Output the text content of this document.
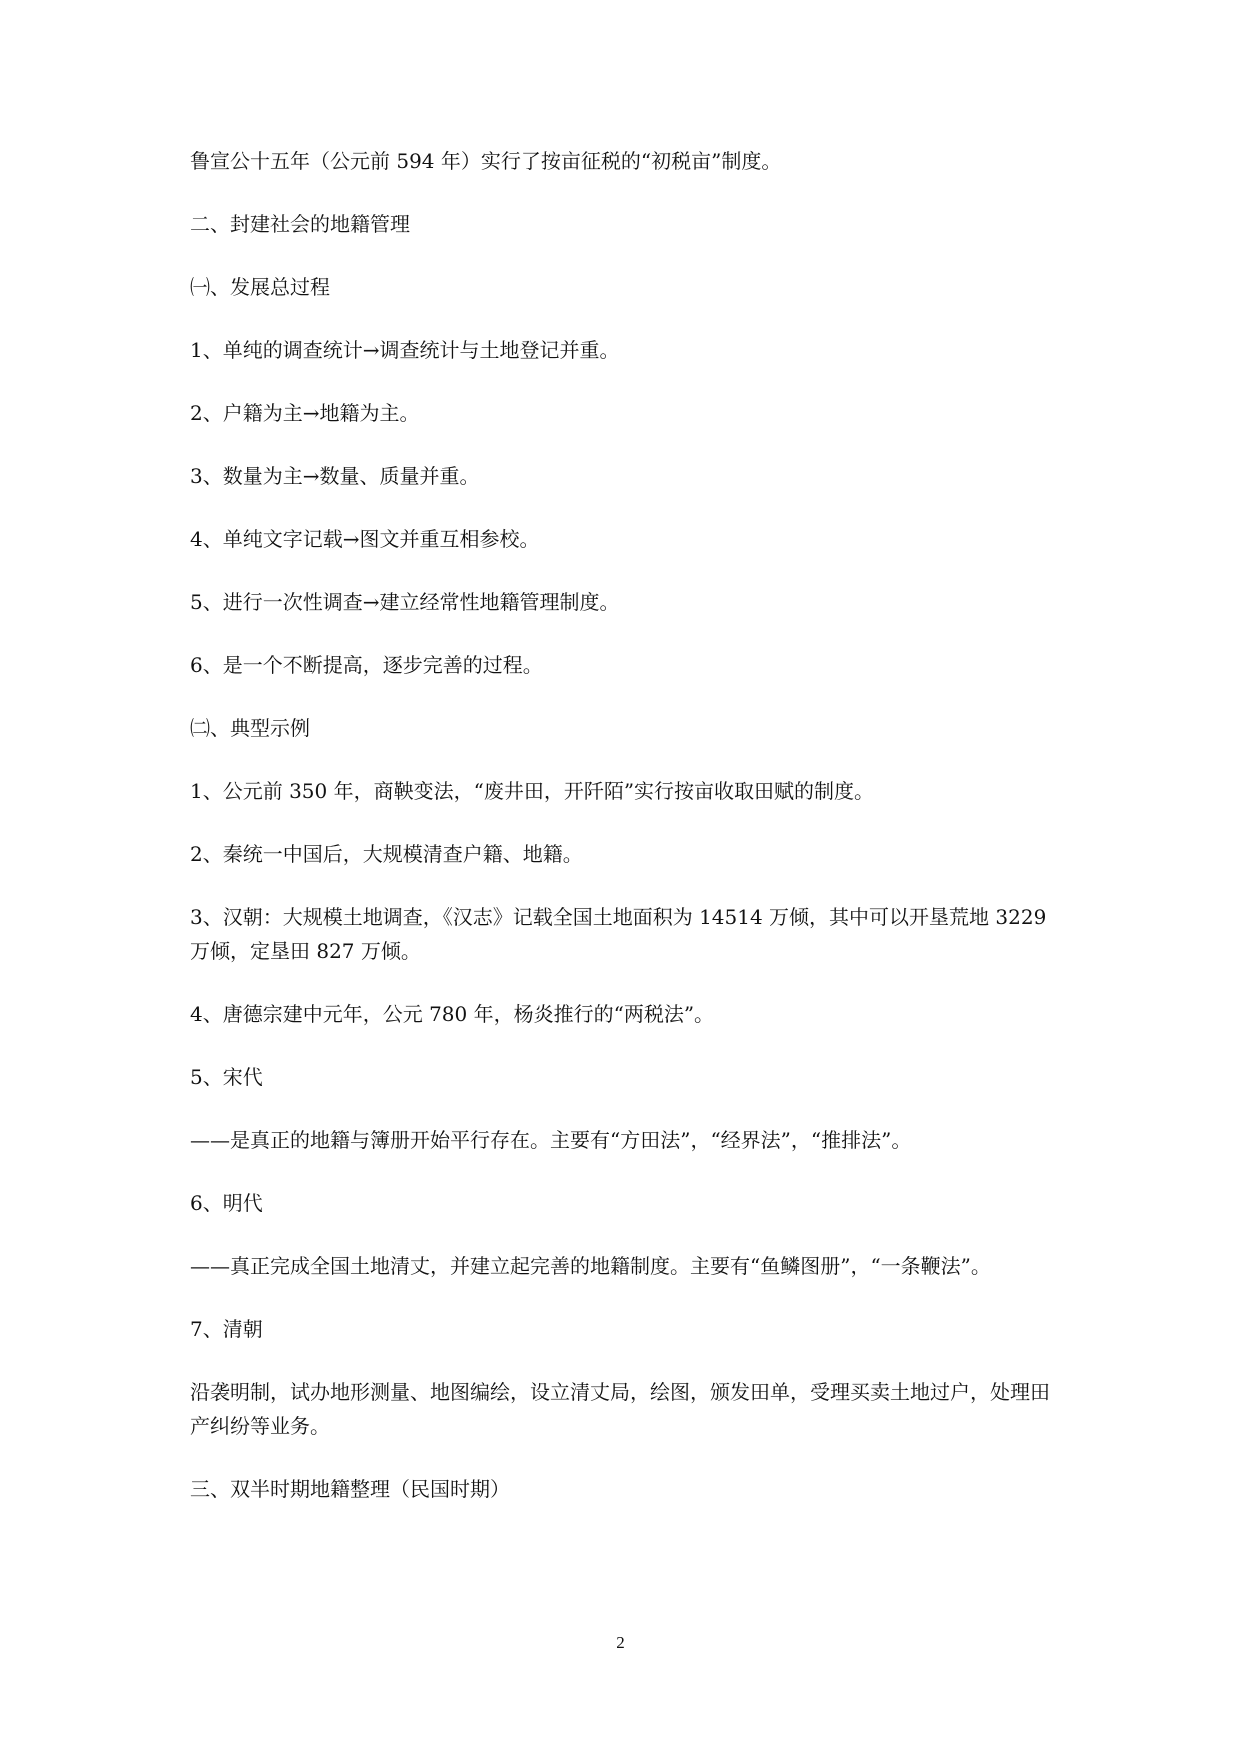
鲁宣公十五年（公元前 594 年）实行了按亩征税的“初税亩”制度。

二、封建社会的地籍管理

㈠、发展总过程

1、单纯的调查统计→调查统计与土地登记并重。

2、户籍为主→地籍为主。

3、数量为主→数量、质量并重。

4、单纯文字记载→图文并重互相参校。

5、进行一次性调查→建立经常性地籍管理制度。

6、是一个不断提高，逐步完善的过程。

㈡、典型示例

1、公元前 350 年，商鞅变法，“废井田，开阡陌”实行按亩收取田赋的制度。

2、秦统一中国后，大规模清查户籍、地籍。

3、汉朝：大规模土地调查，《汉志》记载全国土地面积为 14514 万倾，其中可以开垦荒地 3229 万倾，定垦田 827 万倾。

4、唐德宗建中元年，公元 780 年，杨炎推行的“两税法”。

5、宋代

——是真正的地籍与簿册开始平行存在。主要有“方田法”，“经界法”，“推排法”。

6、明代

——真正完成全国土地清丈，并建立起完善的地籍制度。主要有“鱼鳞图册”，“一条鞭法”。

7、清朝

沿袭明制，试办地形测量、地图编绘，设立清丈局，绘图，颁发田单，受理买卖土地过户，处理田产纠纷等业务。

三、双半时期地籍整理（民国时期）

2
